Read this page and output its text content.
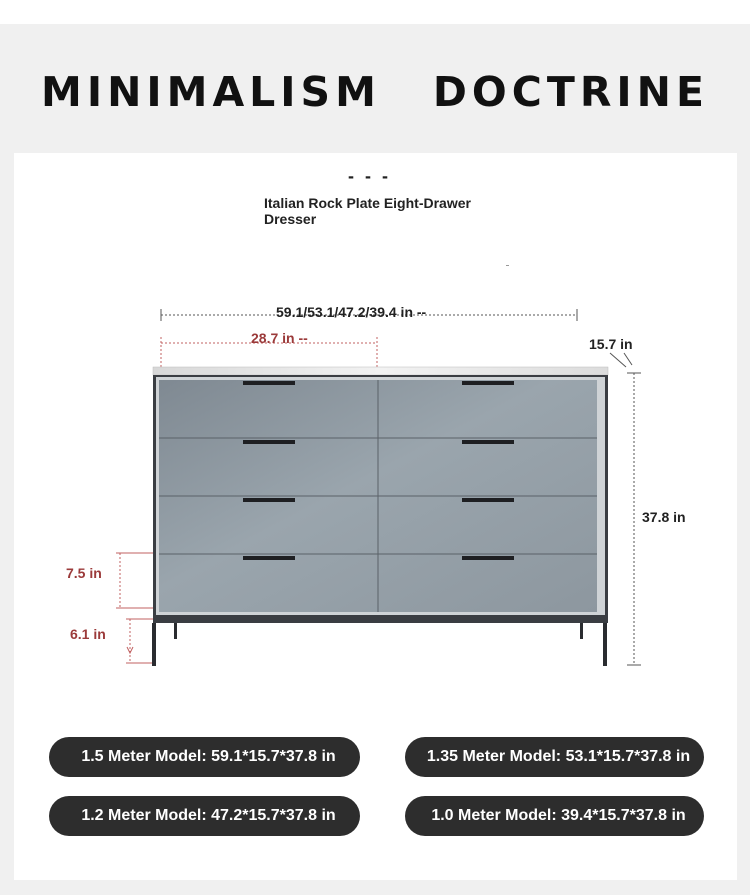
MINIMALISM DOCTRINE
- - -
Italian Rock Plate Eight-Drawer Dresser
59.1/53.1/47.2/39.4 in --
28.7 in --	15.7 in
37.8 in
7.5 in
6.1 in
1.5 Meter Model: 59.1*15.7*37.8 in	1.35 Meter Model: 53.1*15.7*37.8 in
1.2 Meter Model: 47.2*15.7*37.8 in	1.0 Meter Model: 39.4*15.7*37.8 in
